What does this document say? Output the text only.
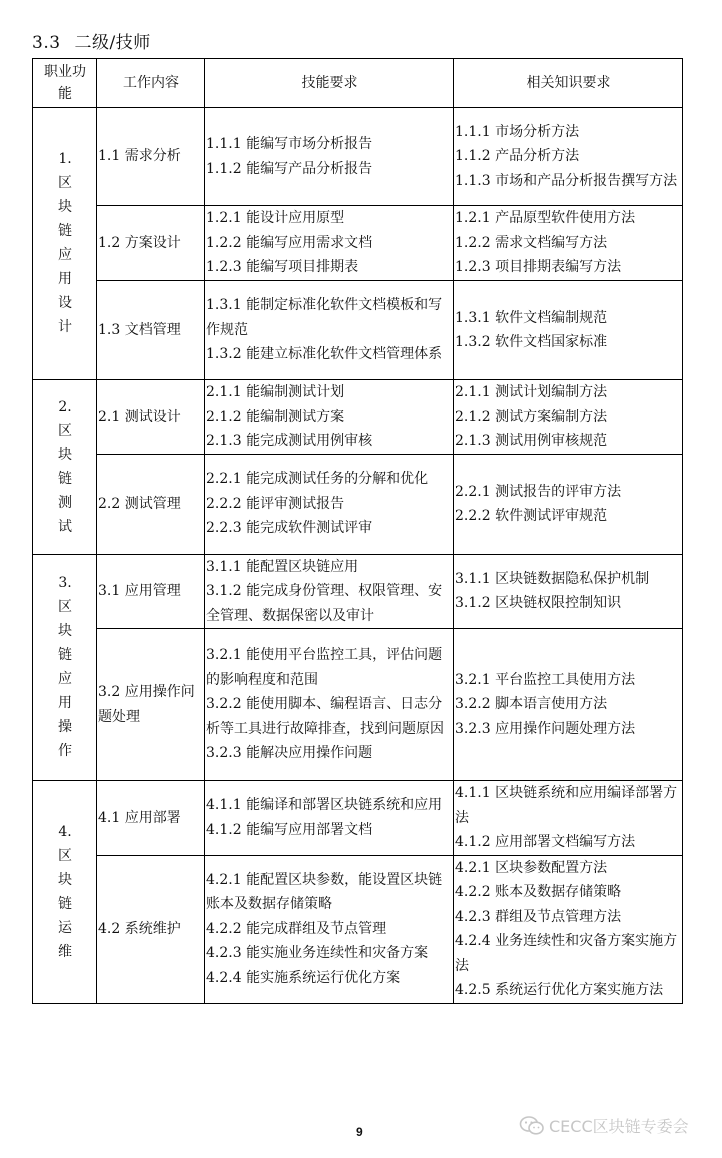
3.3 二级/技师
职业功能	工作内容	技能要求	相关知识要求
1.区块链应用设计	1.1 需求分析	1.1.1 能编写市场分析报告
1.1.2 能编写产品分析报告	1.1.1 市场分析方法
1.1.2 产品分析方法
1.1.3 市场和产品分析报告撰写方法

	1.2 方案设计	1.2.1 能设计应用原型
1.2.2 能编写应用需求文档
1.2.3 能编写项目排期表	1.2.1 产品原型软件使用方法
1.2.2 需求文档编写方法
1.2.3 项目排期表编写方法

	1.3 文档管理	1.3.1 能制定标准化软件文档模板和写作规范
1.3.2 能建立标准化软件文档管理体系	1.3.1 软件文档编制规范
1.3.2 软件文档国家标准

2.区块链测试	2.1 测试设计	2.1.1 能编制测试计划
2.1.2 能编制测试方案
2.1.3 能完成测试用例审核	2.1.1 测试计划编制方法
2.1.2 测试方案编制方法
2.1.3 测试用例审核规范

	2.2 测试管理	2.2.1 能完成测试任务的分解和优化
2.2.2 能评审测试报告
2.2.3 能完成软件测试评审	2.2.1 测试报告的评审方法
2.2.2 软件测试评审规范

3.区块链应用操作	3.1 应用管理	3.1.1 能配置区块链应用
3.1.2 能完成身份管理、权限管理、安全管理、数据保密以及审计	3.1.1 区块链数据隐私保护机制
3.1.2 区块链权限控制知识

	3.2 应用操作问题处理	3.2.1 能使用平台监控工具，评估问题的影响程度和范围
3.2.2 能使用脚本、编程语言、日志分析等工具进行故障排查，找到问题原因
3.2.3 能解决应用操作问题	3.2.1 平台监控工具使用方法
3.2.2 脚本语言使用方法
3.2.3 应用操作问题处理方法

4.区块链运维	4.1 应用部署	4.1.1 能编译和部署区块链系统和应用
4.1.2 能编写应用部署文档	4.1.1 区块链系统和应用编译部署方法
4.1.2 应用部署文档编写方法

	4.2 系统维护	4.2.1 能配置区块参数，能设置区块链账本及数据存储策略
4.2.2 能完成群组及节点管理
4.2.3 能实施业务连续性和灾备方案
4.2.4 能实施系统运行优化方案	4.2.1 区块参数配置方法
4.2.2 账本及数据存储策略
4.2.3 群组及节点管理方法
4.2.4 业务连续性和灾备方案实施方法
4.2.5 系统运行优化方案实施方法
9	CECC区块链专委会
